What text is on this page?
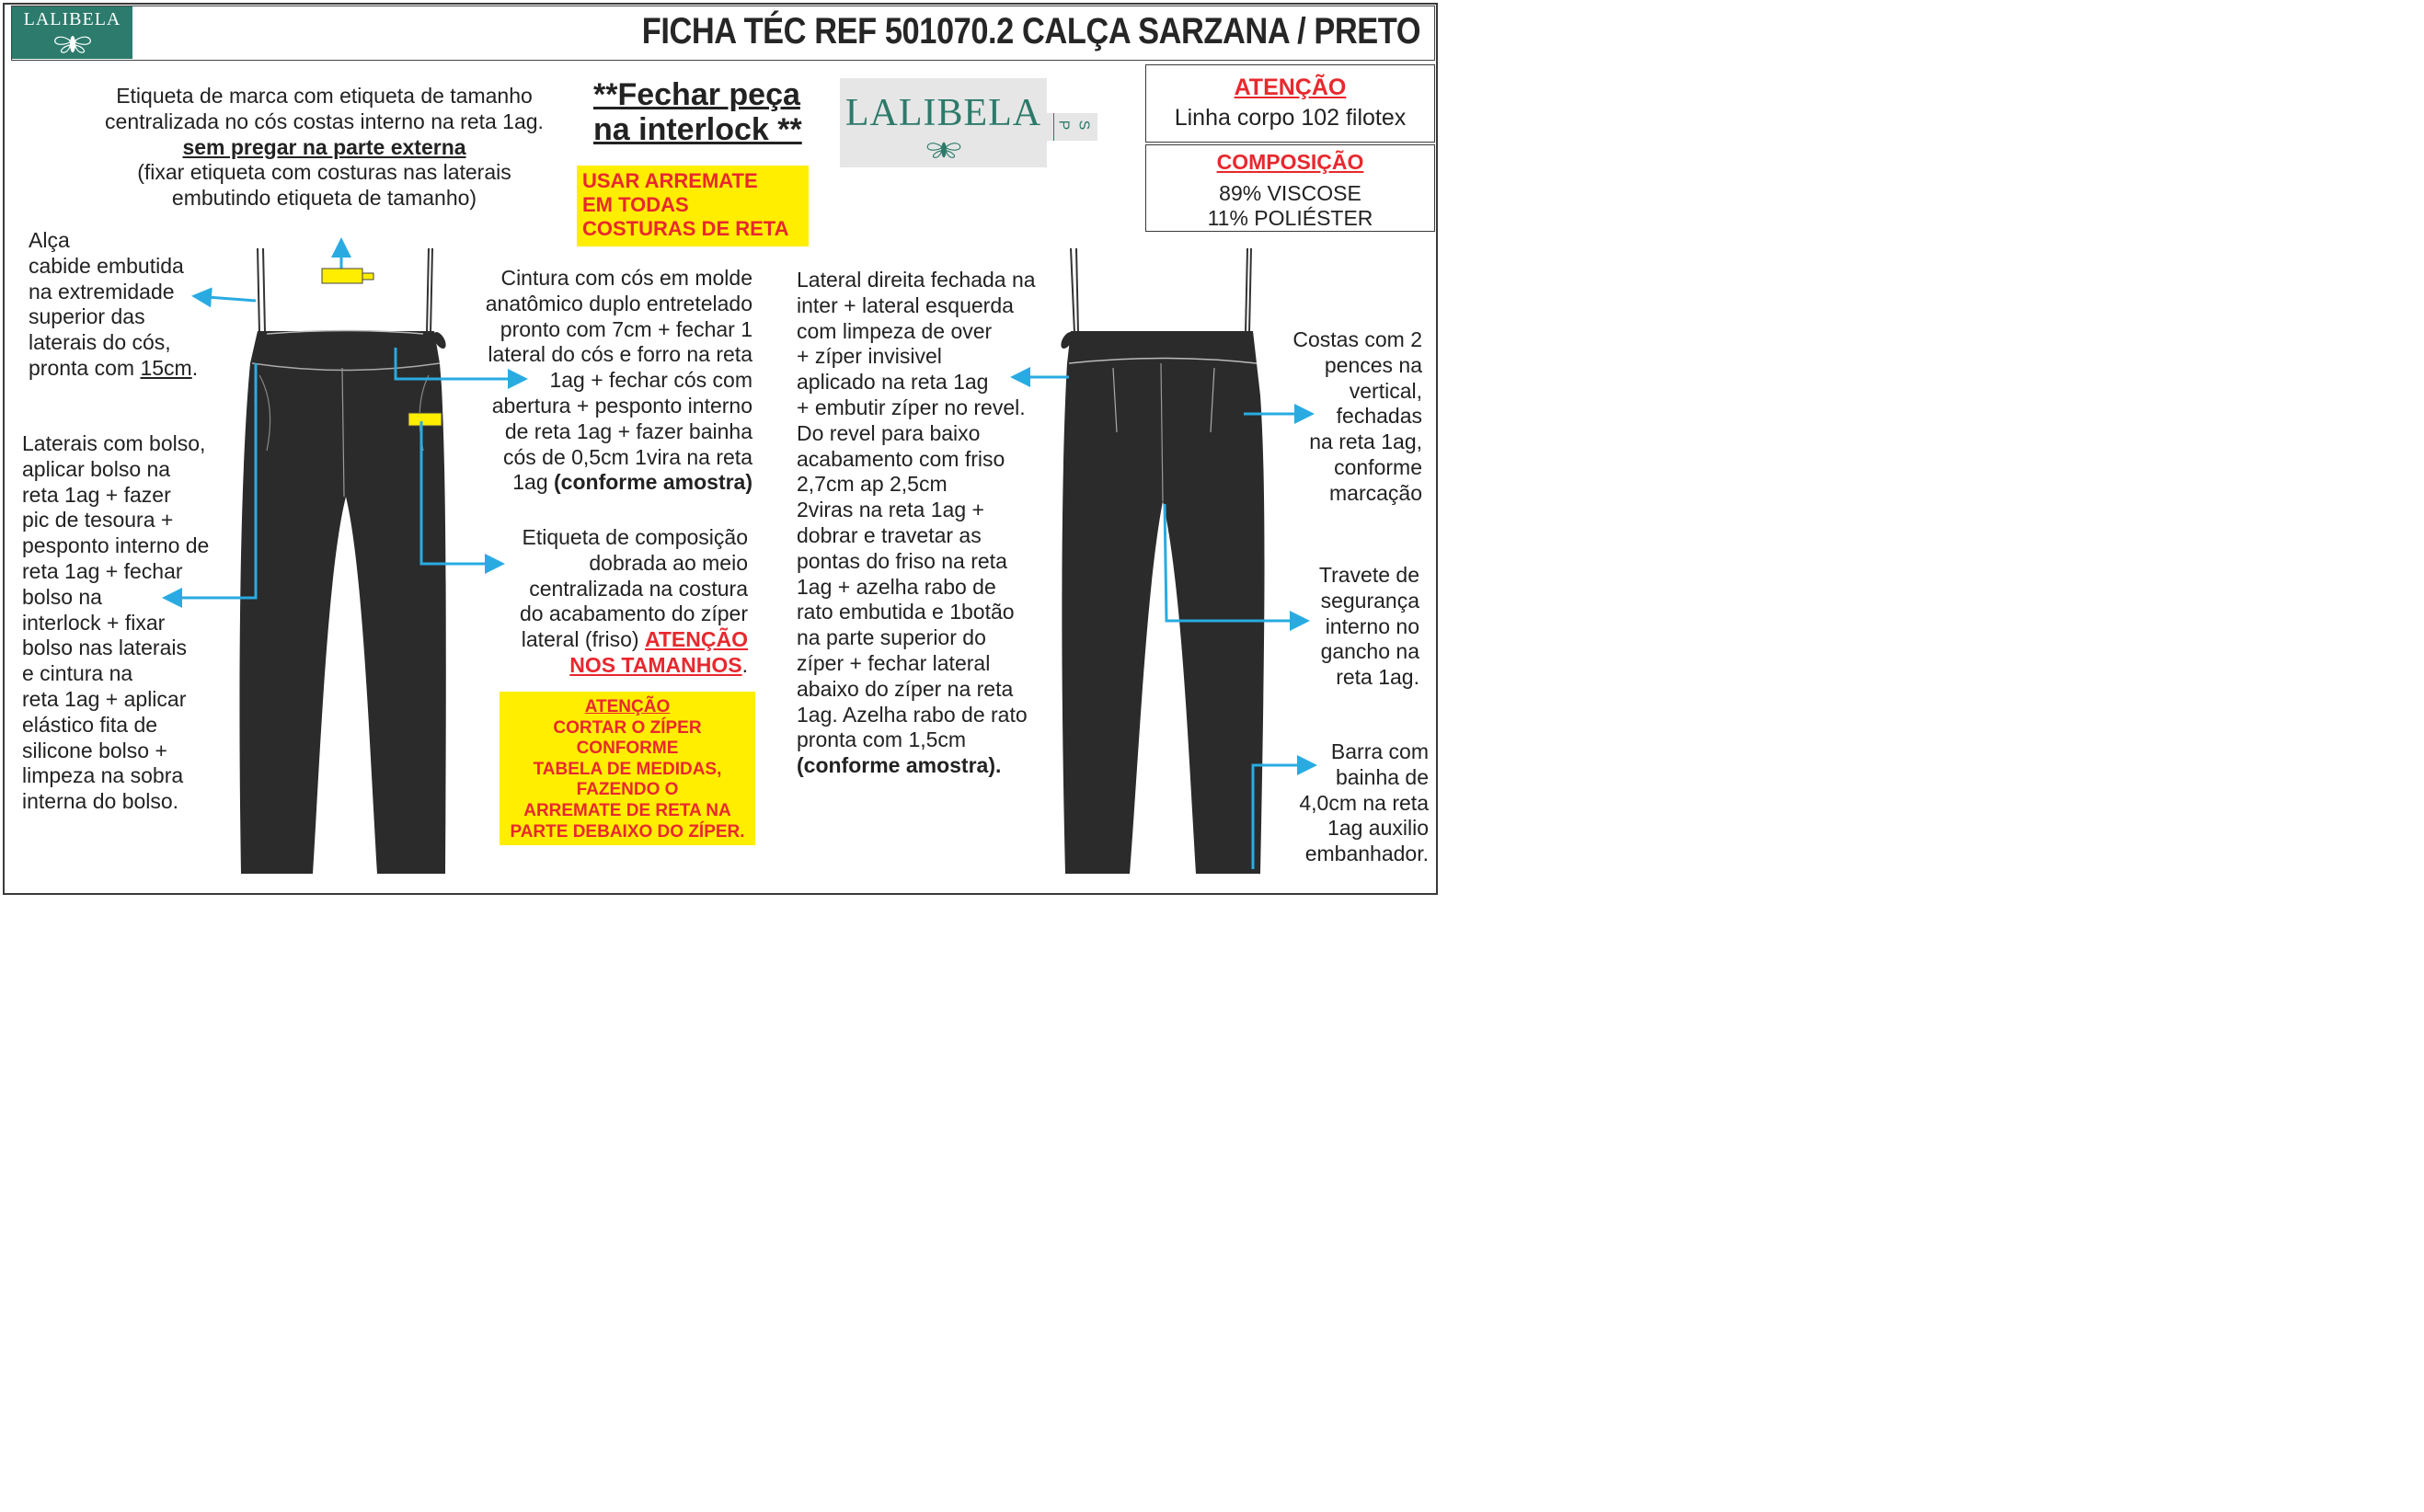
LALIBELA	FICHA TÉC REF 501070.2 CALÇA SARZANA / PRETO
LALIBELA P S
ATENÇÃO
Linha corpo 102 filotex
COMPOSIÇÃO
89% VISCOSE
11% POLIÉSTER
Etiqueta de marca com etiqueta de tamanho
centralizada no cós costas interno na reta 1ag.
sem pregar na parte externa
(fixar etiqueta com costuras nas laterais
embutindo etiqueta de tamanho)
**Fechar peça
na interlock **
USAR ARREMATE
EM TODAS
COSTURAS DE RETA
Alça
cabide embutida
na extremidade
superior das
laterais do cós,
pronta com 15cm.
Laterais com bolso,
aplicar bolso na
reta 1ag + fazer
pic de tesoura +
pesponto interno de
reta 1ag + fechar
bolso na
interlock + fixar
bolso nas laterais
e cintura na
reta 1ag + aplicar
elástico fita de
silicone bolso +
limpeza na sobra
interna do bolso.
Cintura com cós em molde
anatômico duplo entretelado
pronto com 7cm + fechar 1
lateral do cós e forro na reta
1ag + fechar cós com
abertura + pesponto interno
de reta 1ag + fazer bainha
cós de 0,5cm 1vira na reta
1ag (conforme amostra)
Etiqueta de composição
dobrada ao meio
centralizada na costura
do acabamento do zíper
lateral (friso) ATENÇÃO
NOS TAMANHOS.
ATENÇÃO
CORTAR O ZÍPER
CONFORME
TABELA DE MEDIDAS,
FAZENDO O
ARREMATE DE RETA NA
PARTE DEBAIXO DO ZÍPER.
Lateral direita fechada na
inter + lateral esquerda
com limpeza de over
+ zíper invisivel
aplicado na reta 1ag
+ embutir zíper no revel.
Do revel para baixo
acabamento com friso
2,7cm ap 2,5cm
2viras na reta 1ag +
dobrar e travetar as
pontas do friso na reta
1ag + azelha rabo de
rato embutida e 1botão
na parte superior do
zíper + fechar lateral
abaixo do zíper na reta
1ag. Azelha rabo de rato
pronta com 1,5cm
(conforme amostra).
Costas com 2
pences na
vertical,
fechadas
na reta 1ag,
conforme
marcação
Travete de
segurança
interno no
gancho na
reta 1ag.
Barra com
bainha de
4,0cm na reta
1ag auxilio
embanhador.
